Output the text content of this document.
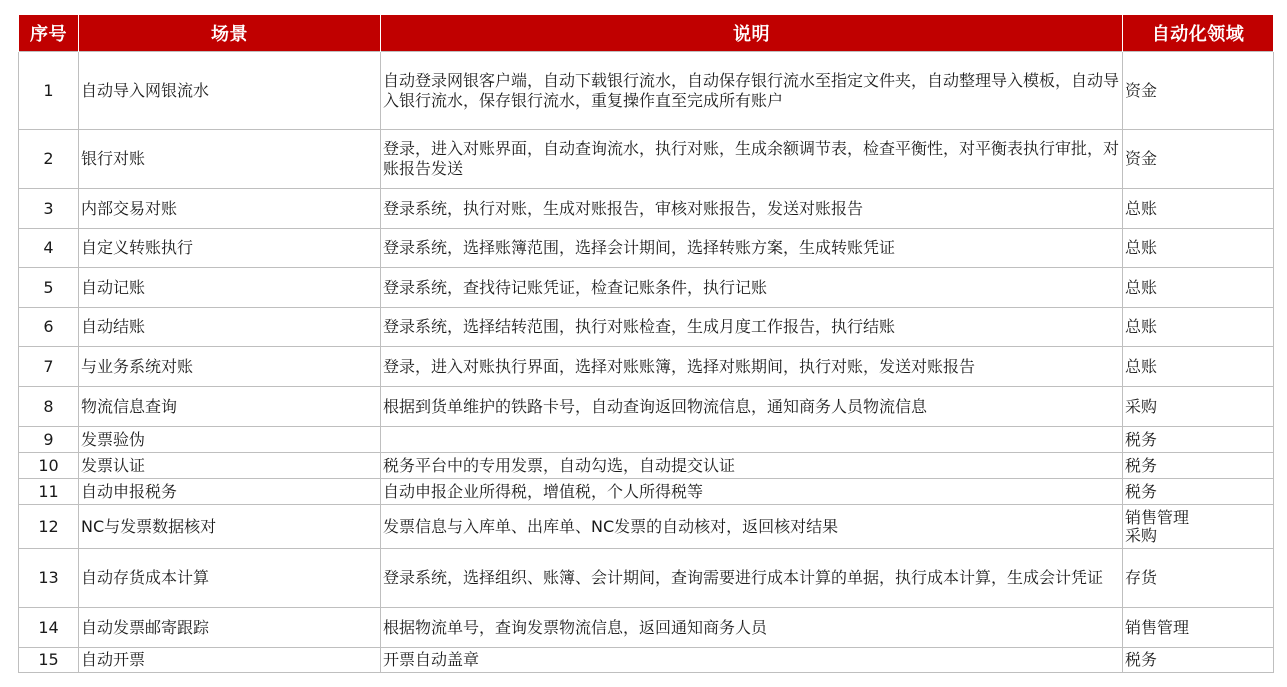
序号	场景	说明	自动化领域
1	自动导入网银流水	自动登录网银客户端，自动下载银行流水，自动保存银行流水至指定文件夹，自动整理导入模板，自动导入银行流水，保存银行流水，重复操作直至完成所有账户	资金
2	银行对账	登录，进入对账界面，自动查询流水，执行对账，生成余额调节表，检查平衡性，对平衡表执行审批，对账报告发送	资金
3	内部交易对账	登录系统，执行对账，生成对账报告，审核对账报告，发送对账报告	总账
4	自定义转账执行	登录系统，选择账簿范围，选择会计期间，选择转账方案，生成转账凭证	总账
5	自动记账	登录系统，查找待记账凭证，检查记账条件，执行记账	总账
6	自动结账	登录系统，选择结转范围，执行对账检查，生成月度工作报告，执行结账	总账
7	与业务系统对账	登录，进入对账执行界面，选择对账账簿，选择对账期间，执行对账，发送对账报告	总账
8	物流信息查询	根据到货单维护的铁路卡号，自动查询返回物流信息，通知商务人员物流信息	采购
9	发票验伪		税务
10	发票认证	税务平台中的专用发票，自动勾选，自动提交认证	税务
11	自动申报税务	自动申报企业所得税，增值税，个人所得税等	税务
12	NC与发票数据核对	发票信息与入库单、出库单、NC发票的自动核对，返回核对结果	销售管理
采购
13	自动存货成本计算	登录系统，选择组织、账簿、会计期间，查询需要进行成本计算的单据，执行成本计算，生成会计凭证	存货
14	自动发票邮寄跟踪	根据物流单号，查询发票物流信息，返回通知商务人员	销售管理
15	自动开票	开票自动盖章	税务
